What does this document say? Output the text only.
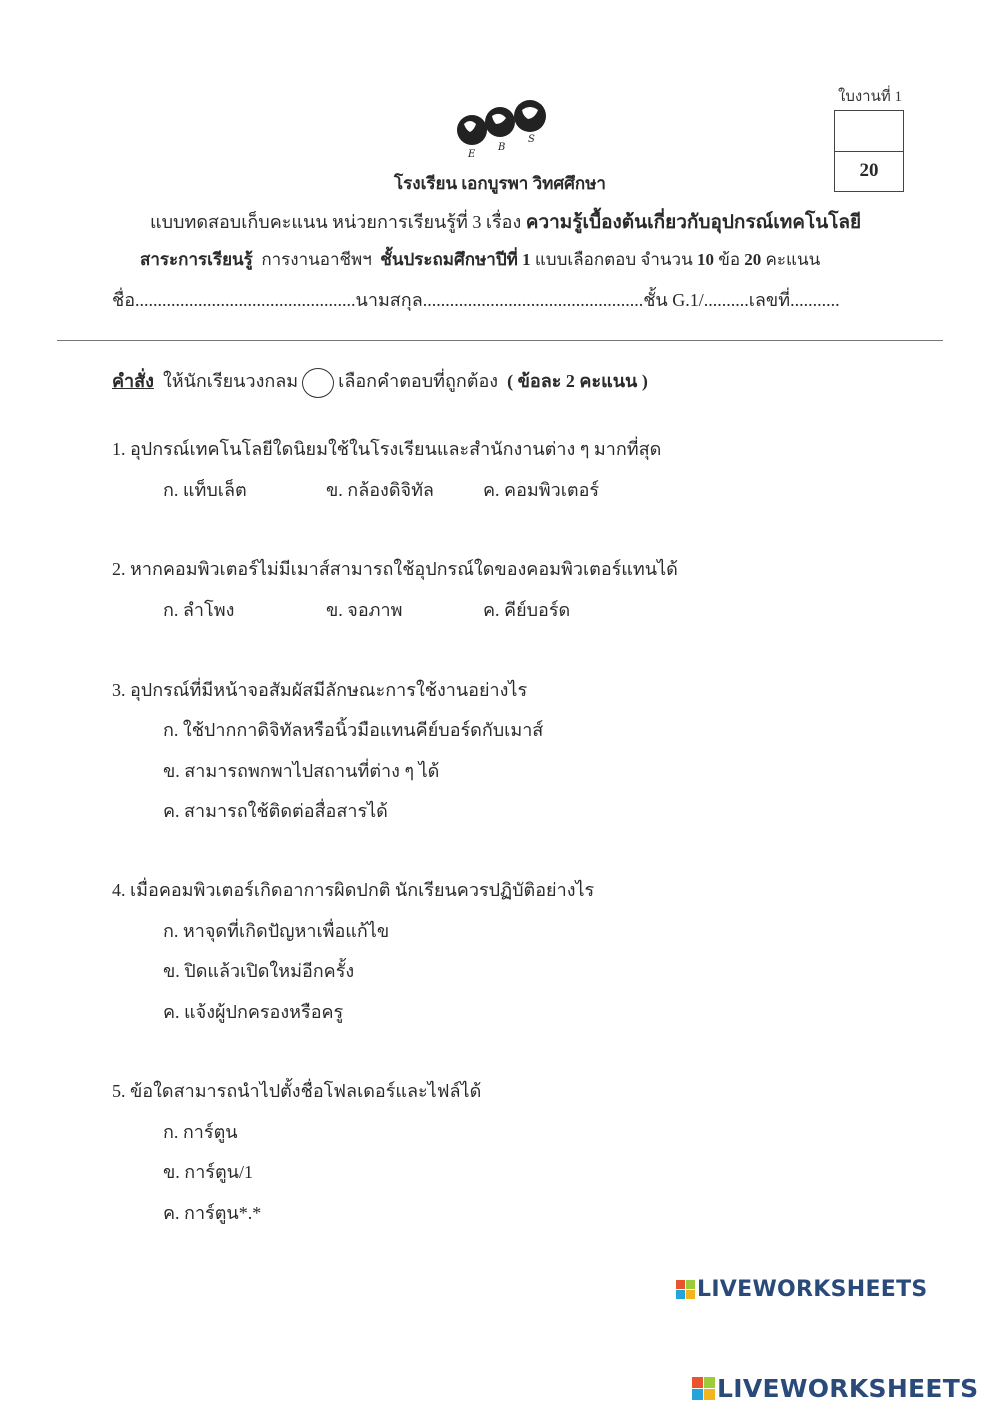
ใบงานที่ 1
20
E
B
S
โรงเรียน เอกบูรพา วิทศศึกษา
แบบทดสอบเก็บคะแนน หน่วยการเรียนรู้ที่ 3 เรื่อง ความรู้เบื้องต้นเกี่ยวกับอุปกรณ์เทคโนโลยี
สาระการเรียนรู้ การงานอาชีพฯ ชั้นประถมศึกษาปีที่ 1 แบบเลือกตอบ จำนวน 10 ข้อ 20 คะแนน
ชื่อ.................................................นามสกุล.................................................ชั้น G.1/..........เลขที่...........
คำสั่ง ให้นักเรียนวงกลม เลือกคำตอบที่ถูกต้อง ( ข้อละ 2 คะแนน )
1. อุปกรณ์เทคโนโลยีใดนิยมใช้ในโรงเรียนและสำนักงานต่าง ๆ มากที่สุด
ก. แท็บเล็ต	ข. กล้องดิจิทัล	ค. คอมพิวเตอร์
2. หากคอมพิวเตอร์ไม่มีเมาส์สามารถใช้อุปกรณ์ใดของคอมพิวเตอร์แทนได้
ก. ลำโพง	ข. จอภาพ	ค. คีย์บอร์ด
3. อุปกรณ์ที่มีหน้าจอสัมผัสมีลักษณะการใช้งานอย่างไร
ก. ใช้ปากกาดิจิทัลหรือนิ้วมือแทนคีย์บอร์ดกับเมาส์
ข. สามารถพกพาไปสถานที่ต่าง ๆ ได้
ค. สามารถใช้ติดต่อสื่อสารได้
4. เมื่อคอมพิวเตอร์เกิดอาการผิดปกติ นักเรียนควรปฏิบัติอย่างไร
ก. หาจุดที่เกิดปัญหาเพื่อแก้ไข
ข. ปิดแล้วเปิดใหม่อีกครั้ง
ค. แจ้งผู้ปกครองหรือครู
5. ข้อใดสามารถนำไปตั้งชื่อโฟลเดอร์และไฟล์ได้
ก. การ์ตูน
ข. การ์ตูน/1
ค. การ์ตูน*.*
LIVEWORKSHEETS
LIVEWORKSHEETS
